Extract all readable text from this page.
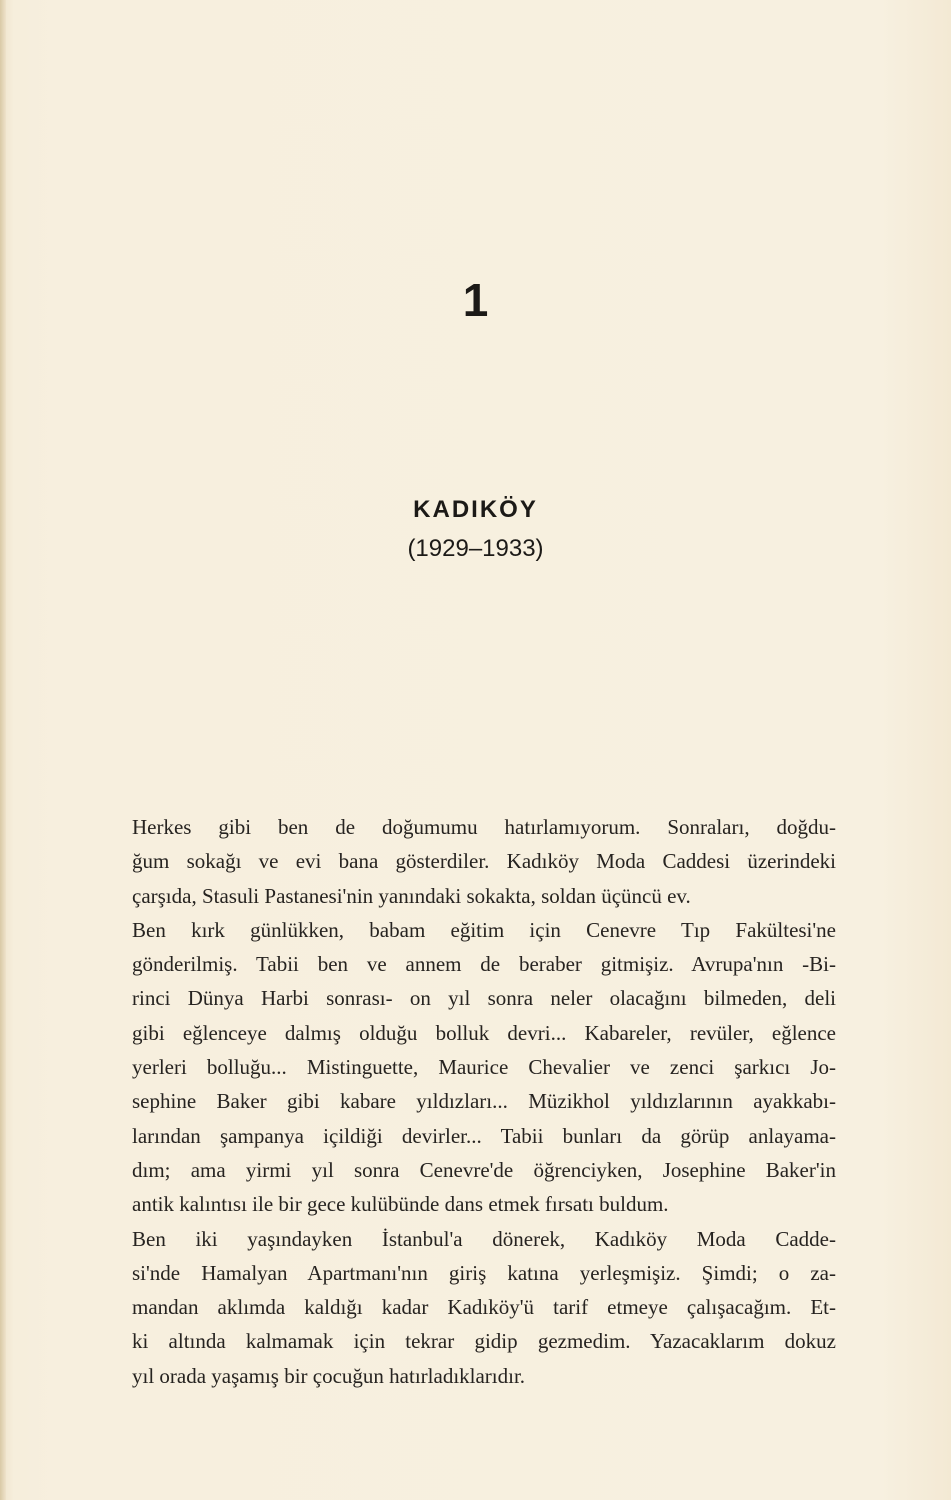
1
KADIKÖY
(1929–1933)
Herkes gibi ben de doğumumu hatırlamıyorum. Sonraları, doğdu-
ğum sokağı ve evi bana gösterdiler. Kadıköy Moda Caddesi üzerindeki
çarşıda, Stasuli Pastanesi'nin yanındaki sokakta, soldan üçüncü ev.
Ben kırk günlükken, babam eğitim için Cenevre Tıp Fakültesi'ne
gönderilmiş. Tabii ben ve annem de beraber gitmişiz. Avrupa'nın -Bi-
rinci Dünya Harbi sonrası- on yıl sonra neler olacağını bilmeden, deli
gibi eğlenceye dalmış olduğu bolluk devri... Kabareler, revüler, eğlence
yerleri bolluğu... Mistinguette, Maurice Chevalier ve zenci şarkıcı Jo-
sephine Baker gibi kabare yıldızları... Müzikhol yıldızlarının ayakkabı-
larından şampanya içildiği devirler... Tabii bunları da görüp anlayama-
dım; ama yirmi yıl sonra Cenevre'de öğrenciyken, Josephine Baker'in
antik kalıntısı ile bir gece kulübünde dans etmek fırsatı buldum.
Ben iki yaşındayken İstanbul'a dönerek, Kadıköy Moda Cadde-
si'nde Hamalyan Apartmanı'nın giriş katına yerleşmişiz. Şimdi; o za-
mandan aklımda kaldığı kadar Kadıköy'ü tarif etmeye çalışacağım. Et-
ki altında kalmamak için tekrar gidip gezmedim. Yazacaklarım dokuz
yıl orada yaşamış bir çocuğun hatırladıklarıdır.
